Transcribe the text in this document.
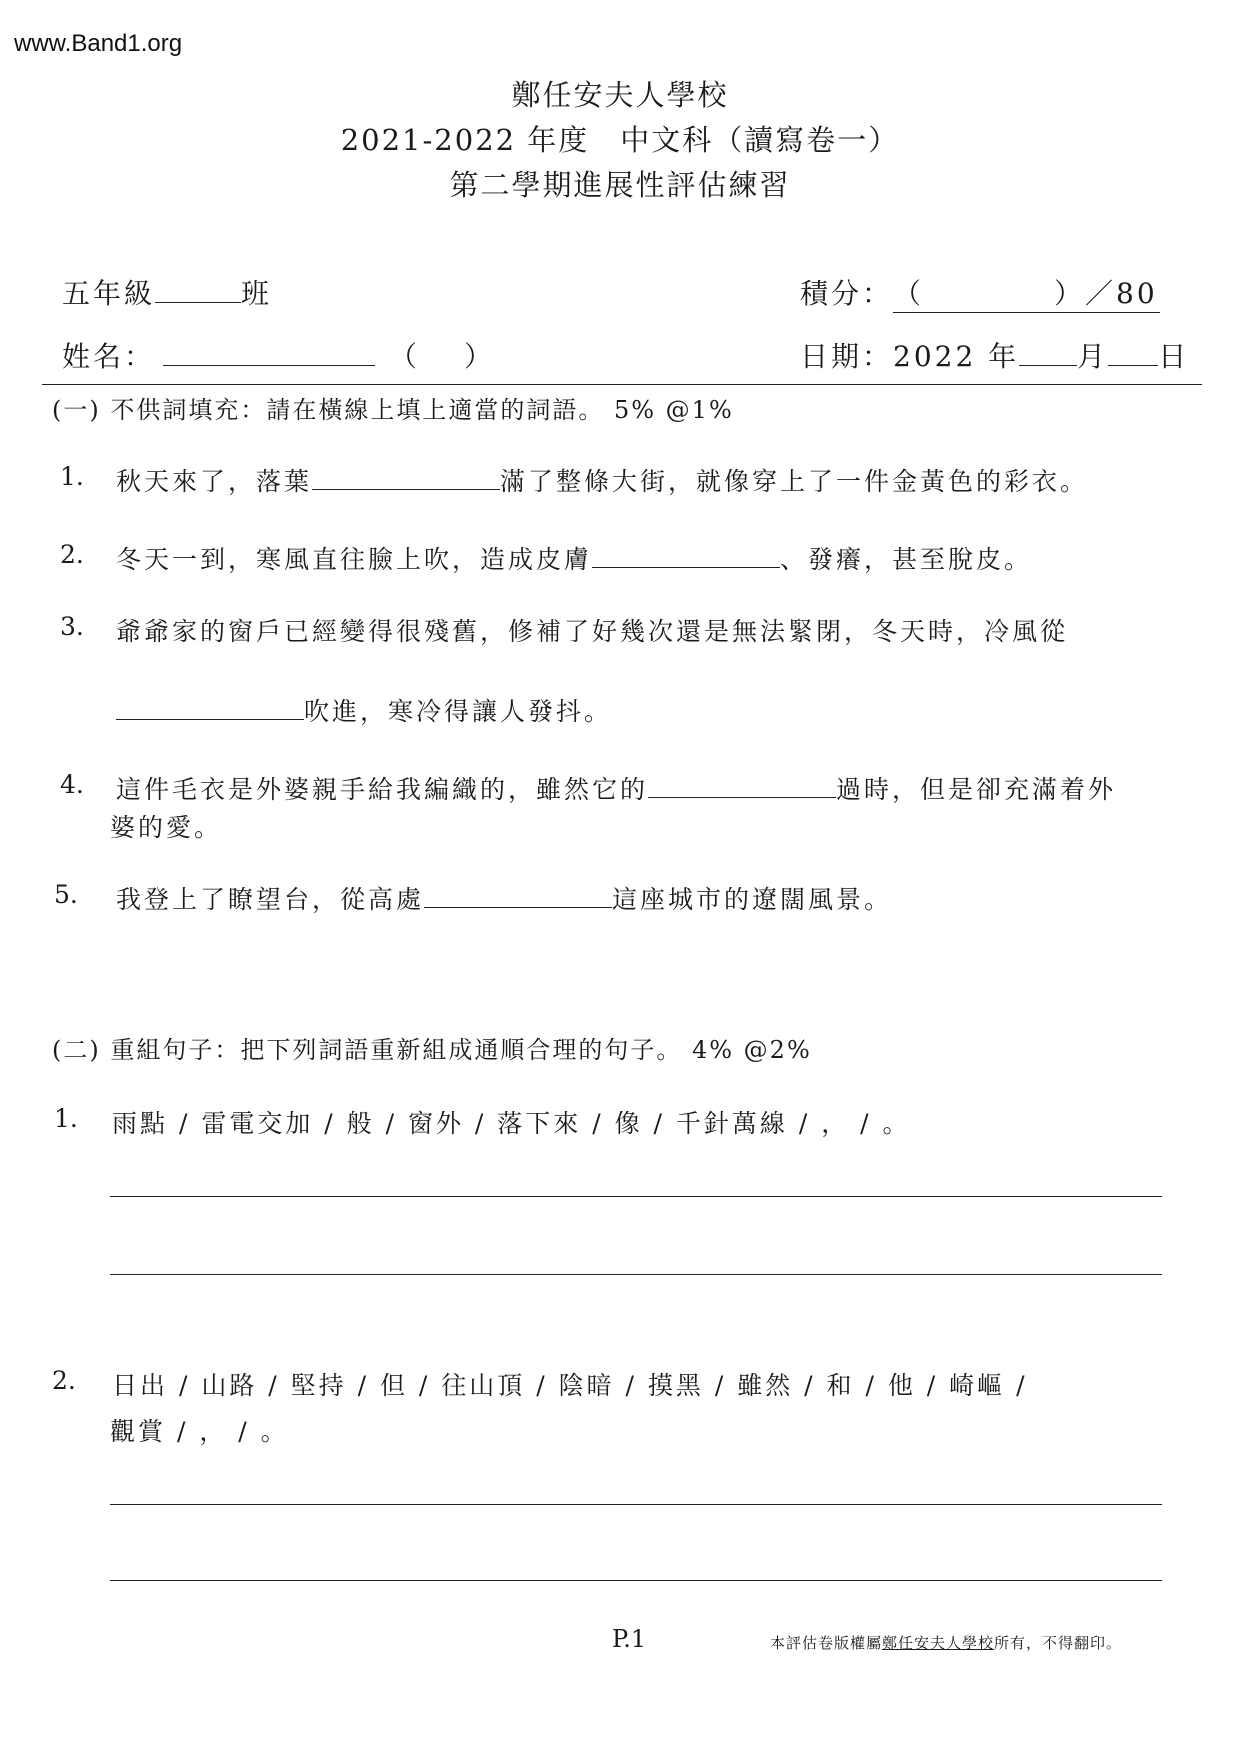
www.Band1.org
鄭任安夫人學校
2021-2022 年度　中文科（讀寫卷一）
第二學期進展性評估練習
五年級	班	積分：（	）／80
姓名：	（ ）	日期：2022 年 月 日
(一) 不供詞填充：請在橫線上填上適當的詞語。 5% @1%
1. 秋天來了，落葉	滿了整條大街，就像穿上了一件金黃色的彩衣。
2. 冬天一到，寒風直往臉上吹，造成皮膚	、發癢，甚至脫皮。
3. 爺爺家的窗戶已經變得很殘舊，修補了好幾次還是無法緊閉，冬天時，冷風從
吹進，寒冷得讓人發抖。
4. 這件毛衣是外婆親手給我編織的，雖然它的	過時，但是卻充滿着外
婆的愛。
5. 我登上了瞭望台，從高處	這座城市的遼闊風景。
(二) 重組句子：把下列詞語重新組成通順合理的句子。 4% @2%
1. 雨點 / 雷電交加 / 般 / 窗外 / 落下來 / 像 / 千針萬線 / ， / 。
2. 日出 / 山路 / 堅持 / 但 / 往山頂 / 陰暗 / 摸黑 / 雖然 / 和 / 他 / 崎嶇 /
觀賞 / ， / 。
P.1	本評估卷版權屬鄭任安夫人學校所有，不得翻印。
